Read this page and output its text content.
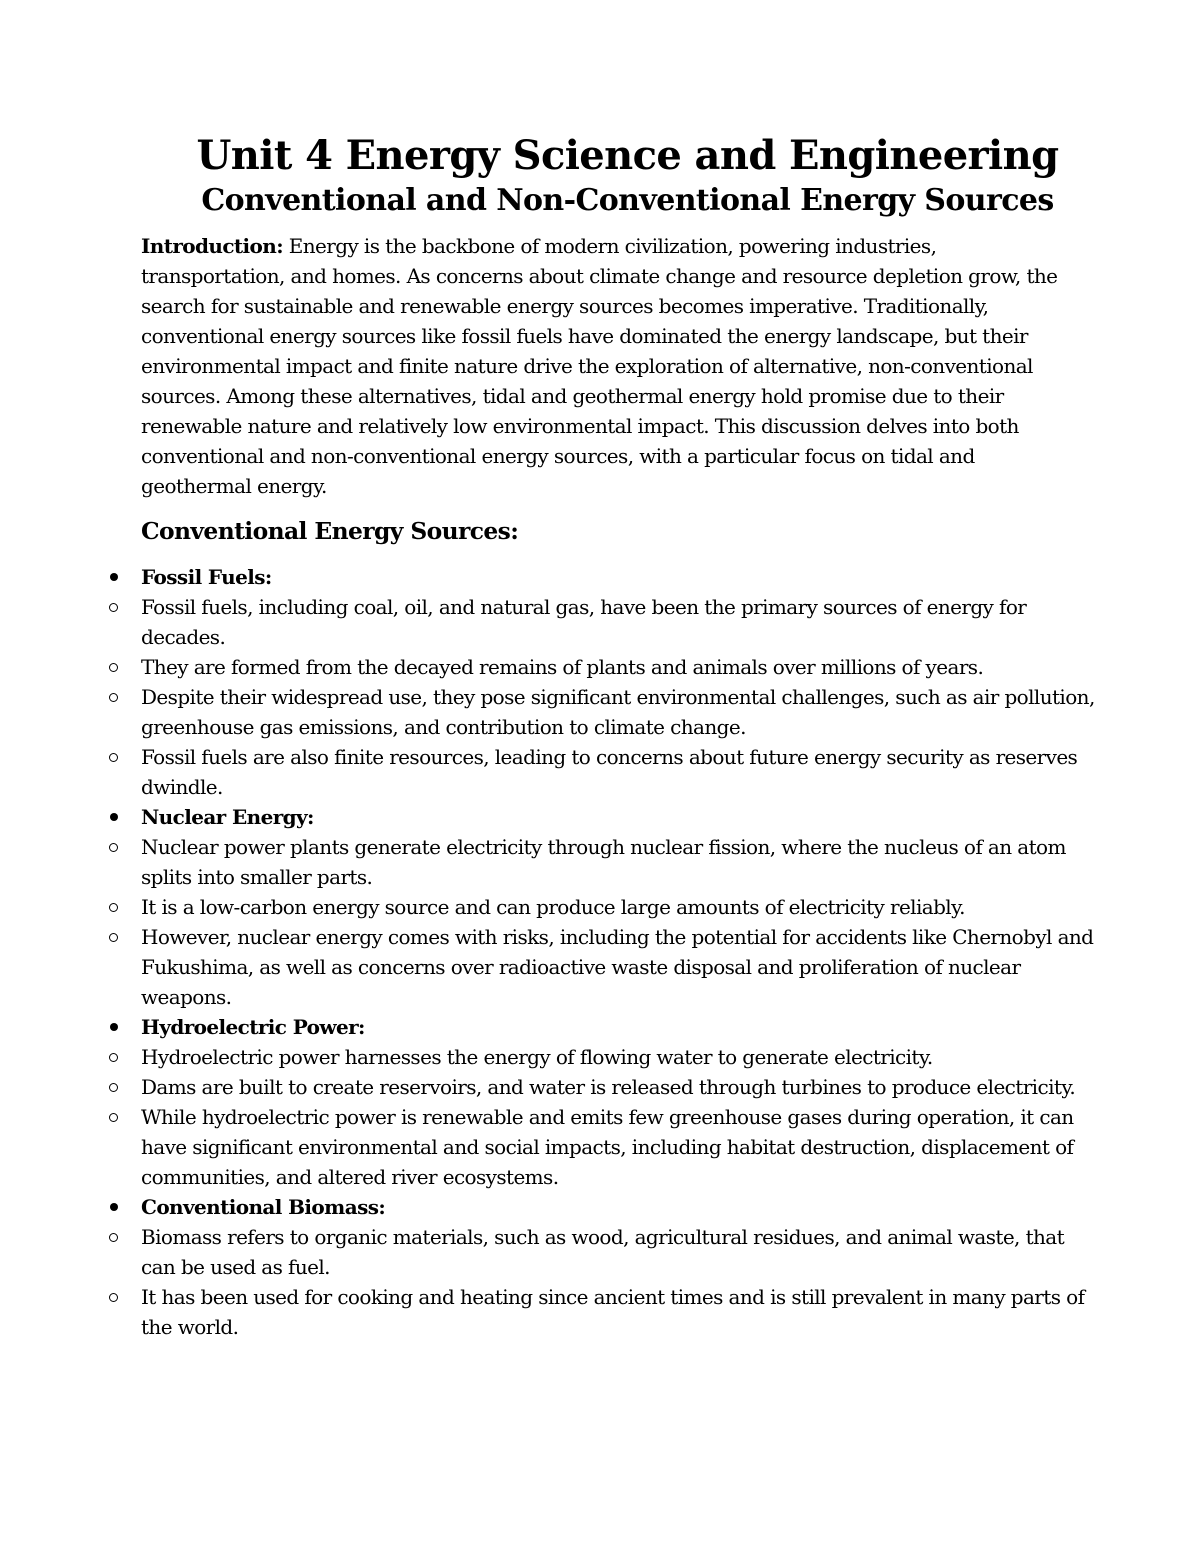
Unit 4 Energy Science and Engineering
Conventional and Non-Conventional Energy Sources

Introduction: Energy is the backbone of modern civilization, powering industries, transportation, and homes. As concerns about climate change and resource depletion grow, the search for sustainable and renewable energy sources becomes imperative. Traditionally, conventional energy sources like fossil fuels have dominated the energy landscape, but their environmental impact and finite nature drive the exploration of alternative, non-conventional sources. Among these alternatives, tidal and geothermal energy hold promise due to their renewable nature and relatively low environmental impact. This discussion delves into both conventional and non-conventional energy sources, with a particular focus on tidal and geothermal energy.

Conventional Energy Sources:
Fossil Fuels:
Fossil fuels, including coal, oil, and natural gas, have been the primary sources of energy for decades.
They are formed from the decayed remains of plants and animals over millions of years.
Despite their widespread use, they pose significant environmental challenges, such as air pollution, greenhouse gas emissions, and contribution to climate change.
Fossil fuels are also finite resources, leading to concerns about future energy security as reserves dwindle.
Nuclear Energy:
Nuclear power plants generate electricity through nuclear fission, where the nucleus of an atom splits into smaller parts.
It is a low-carbon energy source and can produce large amounts of electricity reliably.
However, nuclear energy comes with risks, including the potential for accidents like Chernobyl and Fukushima, as well as concerns over radioactive waste disposal and proliferation of nuclear weapons.
Hydroelectric Power:
Hydroelectric power harnesses the energy of flowing water to generate electricity.
Dams are built to create reservoirs, and water is released through turbines to produce electricity.
While hydroelectric power is renewable and emits few greenhouse gases during operation, it can have significant environmental and social impacts, including habitat destruction, displacement of communities, and altered river ecosystems.
Conventional Biomass:
Biomass refers to organic materials, such as wood, agricultural residues, and animal waste, that can be used as fuel.
It has been used for cooking and heating since ancient times and is still prevalent in many parts of the world.
